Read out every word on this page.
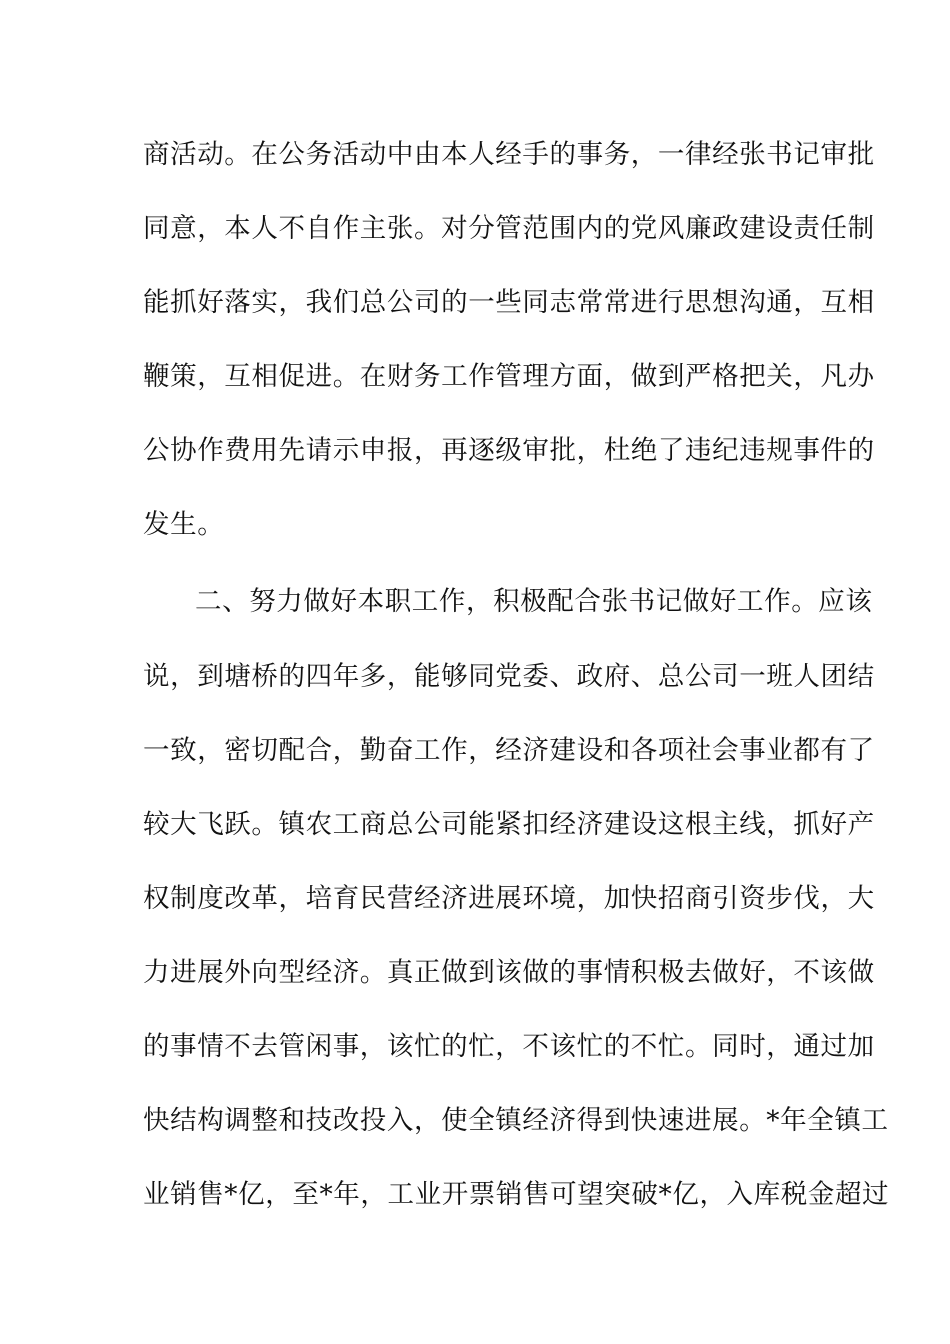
商活动。在公务活动中由本人经手的事务，一律经张书记审批
同意，本人不自作主张。对分管范围内的党风廉政建设责任制
能抓好落实，我们总公司的一些同志常常进行思想沟通，互相
鞭策，互相促进。在财务工作管理方面，做到严格把关，凡办
公协作费用先请示申报，再逐级审批，杜绝了违纪违规事件的
发生。
二、努力做好本职工作，积极配合张书记做好工作。应该
说，到塘桥的四年多，能够同党委、政府、总公司一班人团结
一致，密切配合，勤奋工作，经济建设和各项社会事业都有了
较大飞跃。镇农工商总公司能紧扣经济建设这根主线，抓好产
权制度改革，培育民营经济进展环境，加快招商引资步伐，大
力进展外向型经济。真正做到该做的事情积极去做好，不该做
的事情不去管闲事，该忙的忙，不该忙的不忙。同时，通过加
快结构调整和技改投入，使全镇经济得到快速进展。*年全镇工
业销售*亿，至*年，工业开票销售可望突破*亿，入库税金超过
